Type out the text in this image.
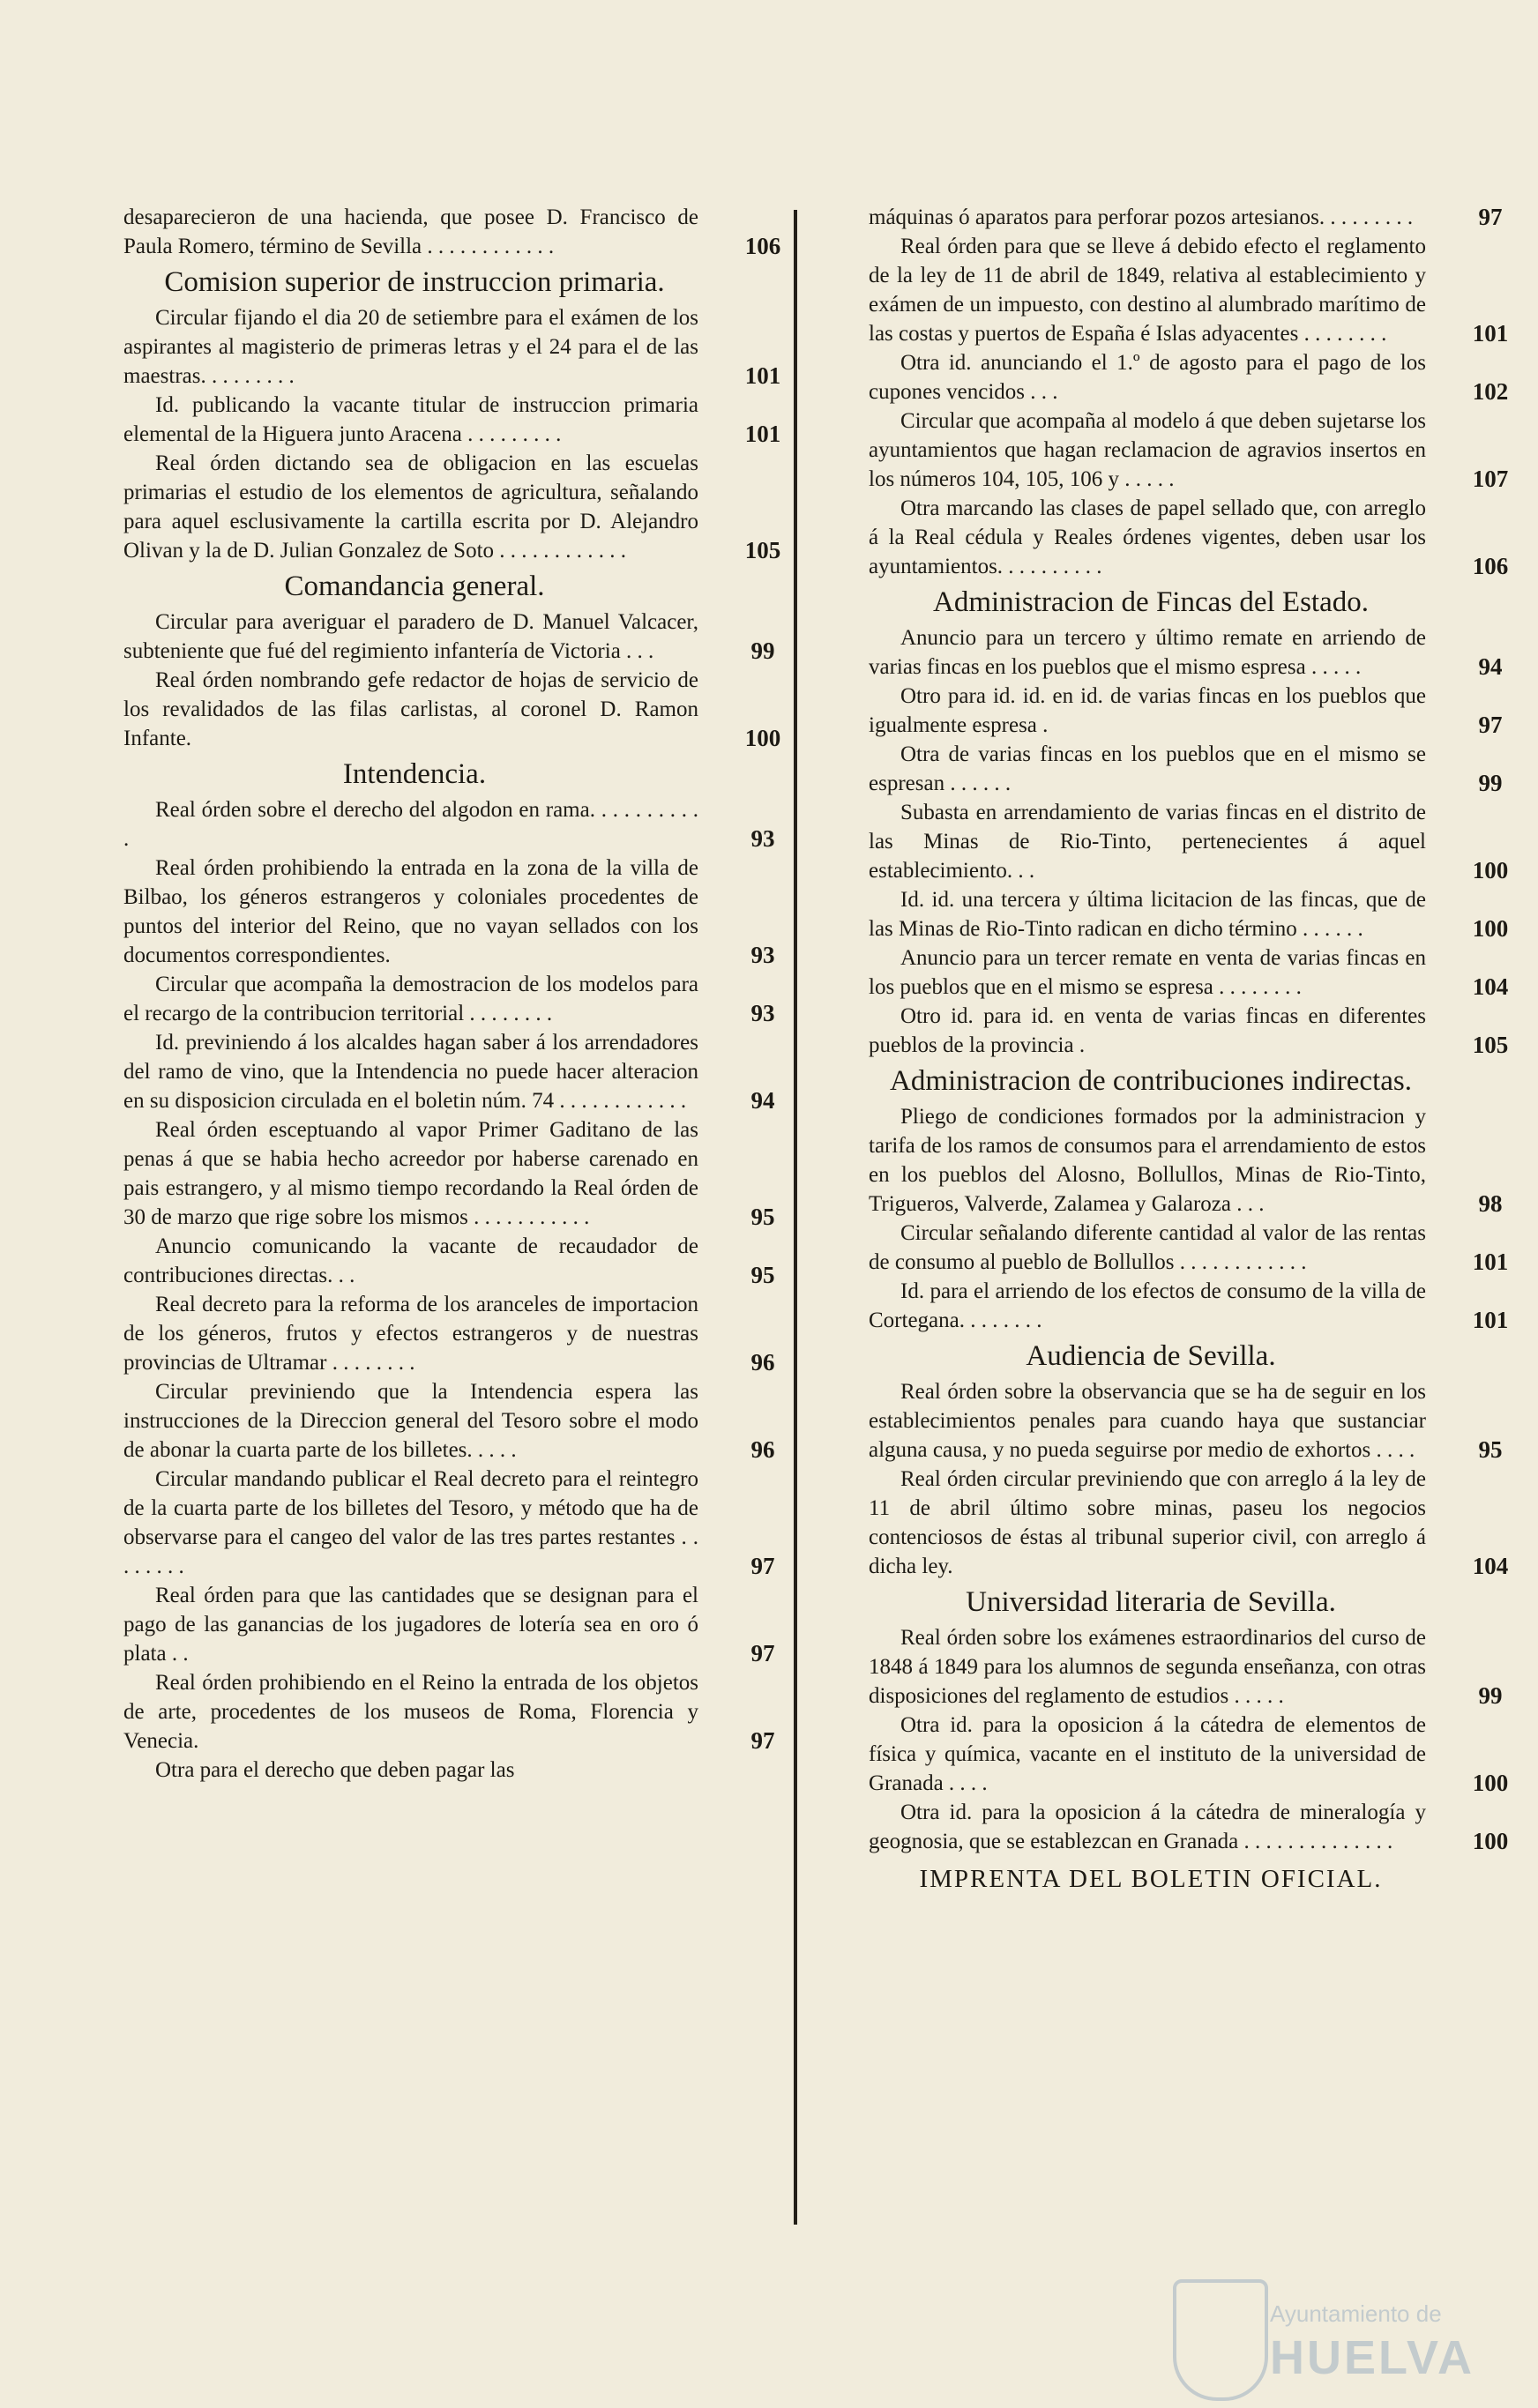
desaparecieron de una hacienda, que posee D. Francisco de Paula Romero, término de Sevilla . . . . . . . . . . . .	106
Comision superior de instruccion primaria.
Circular fijando el dia 20 de setiembre para el exámen de los aspirantes al magisterio de primeras letras y el 24 para el de las maestras. . . . . . . . .	101
Id. publicando la vacante titular de instruccion primaria elemental de la Higuera junto Aracena . . . . . . . . .	101
Real órden dictando sea de obligacion en las escuelas primarias el estudio de los elementos de agricultura, señalando para aquel esclusivamente la cartilla escrita por D. Alejandro Olivan y la de D. Julian Gonzalez de Soto . . . . . . . . . . . .	105
Comandancia general.
Circular para averiguar el paradero de D. Manuel Valcacer, subteniente que fué del regimiento infantería de Victoria . . .	99
Real órden nombrando gefe redactor de hojas de servicio de los revalidados de las filas carlistas, al coronel D. Ramon Infante.	100
Intendencia.
Real órden sobre el derecho del algodon en rama. . . . . . . . . . .	93
Real órden prohibiendo la entrada en la zona de la villa de Bilbao, los géneros estrangeros y coloniales procedentes de puntos del interior del Reino, que no vayan sellados con los documentos correspondientes.	93
Circular que acompaña la demostracion de los modelos para el recargo de la contribucion territorial . . . . . . . .	93
Id. previniendo á los alcaldes hagan saber á los arrendadores del ramo de vino, que la Intendencia no puede hacer alteracion en su disposicion circulada en el boletin núm. 74 . . . . . . . . . . . .	94
Real órden esceptuando al vapor Primer Gaditano de las penas á que se habia hecho acreedor por haberse carenado en pais estrangero, y al mismo tiempo recordando la Real órden de 30 de marzo que rige sobre los mismos . . . . . . . . . . .	95
Anuncio comunicando la vacante de recaudador de contribuciones directas. . .	95
Real decreto para la reforma de los aranceles de importacion de los géneros, frutos y efectos estrangeros y de nuestras provincias de Ultramar . . . . . . . .	96
Circular previniendo que la Intendencia espera las instrucciones de la Direccion general del Tesoro sobre el modo de abonar la cuarta parte de los billetes. . . . .	96
Circular mandando publicar el Real decreto para el reintegro de la cuarta parte de los billetes del Tesoro, y método que ha de observarse para el cangeo del valor de las tres partes restantes . . . . . . . .	97
Real órden para que las cantidades que se designan para el pago de las ganancias de los jugadores de lotería sea en oro ó plata . .	97
Real órden prohibiendo en el Reino la entrada de los objetos de arte, procedentes de los museos de Roma, Florencia y Venecia.	97
Otra para el derecho que deben pagar las
máquinas ó aparatos para perforar pozos artesianos. . . . . . . . .	97
Real órden para que se lleve á debido efecto el reglamento de la ley de 11 de abril de 1849, relativa al establecimiento y exámen de un impuesto, con destino al alumbrado marítimo de las costas y puertos de España é Islas adyacentes . . . . . . . .	101
Otra id. anunciando el 1.º de agosto para el pago de los cupones vencidos . . .	102
Circular que acompaña al modelo á que deben sujetarse los ayuntamientos que hagan reclamacion de agravios insertos en los números 104, 105, 106 y . . . . .	107
Otra marcando las clases de papel sellado que, con arreglo á la Real cédula y Reales órdenes vigentes, deben usar los ayuntamientos. . . . . . . . . .	106
Administracion de Fincas del Estado.
Anuncio para un tercero y último remate en arriendo de varias fincas en los pueblos que el mismo espresa . . . . .	94
Otro para id. id. en id. de varias fincas en los pueblos que igualmente espresa .	97
Otra de varias fincas en los pueblos que en el mismo se espresan . . . . . .	99
Subasta en arrendamiento de varias fincas en el distrito de las Minas de Rio-Tinto, pertenecientes á aquel establecimiento. . .	100
Id. id. una tercera y última licitacion de las fincas, que de las Minas de Rio-Tinto radican en dicho término . . . . . .	100
Anuncio para un tercer remate en venta de varias fincas en los pueblos que en el mismo se espresa . . . . . . . .	104
Otro id. para id. en venta de varias fincas en diferentes pueblos de la provincia .	105
Administracion de contribuciones indirectas.
Pliego de condiciones formados por la administracion y tarifa de los ramos de consumos para el arrendamiento de estos en los pueblos del Alosno, Bollullos, Minas de Rio-Tinto, Trigueros, Valverde, Zalamea y Galaroza . . .	98
Circular señalando diferente cantidad al valor de las rentas de consumo al pueblo de Bollullos . . . . . . . . . . . .	101
Id. para el arriendo de los efectos de consumo de la villa de Cortegana. . . . . . . .	101
Audiencia de Sevilla.
Real órden sobre la observancia que se ha de seguir en los establecimientos penales para cuando haya que sustanciar alguna causa, y no pueda seguirse por medio de exhortos . . . .	95
Real órden circular previniendo que con arreglo á la ley de 11 de abril último sobre minas, paseu los negocios contenciosos de éstas al tribunal superior civil, con arreglo á dicha ley.	104
Universidad literaria de Sevilla.
Real órden sobre los exámenes estraordinarios del curso de 1848 á 1849 para los alumnos de segunda enseñanza, con otras disposiciones del reglamento de estudios . . . . .	99
Otra id. para la oposicion á la cátedra de elementos de física y química, vacante en el instituto de la universidad de Granada . . . .	100
Otra id. para la oposicion á la cátedra de mineralogía y geognosia, que se establezcan en Granada . . . . . . . . . . . . . .	100
IMPRENTA DEL BOLETIN OFICIAL.
Ayuntamiento de
HUELVA
